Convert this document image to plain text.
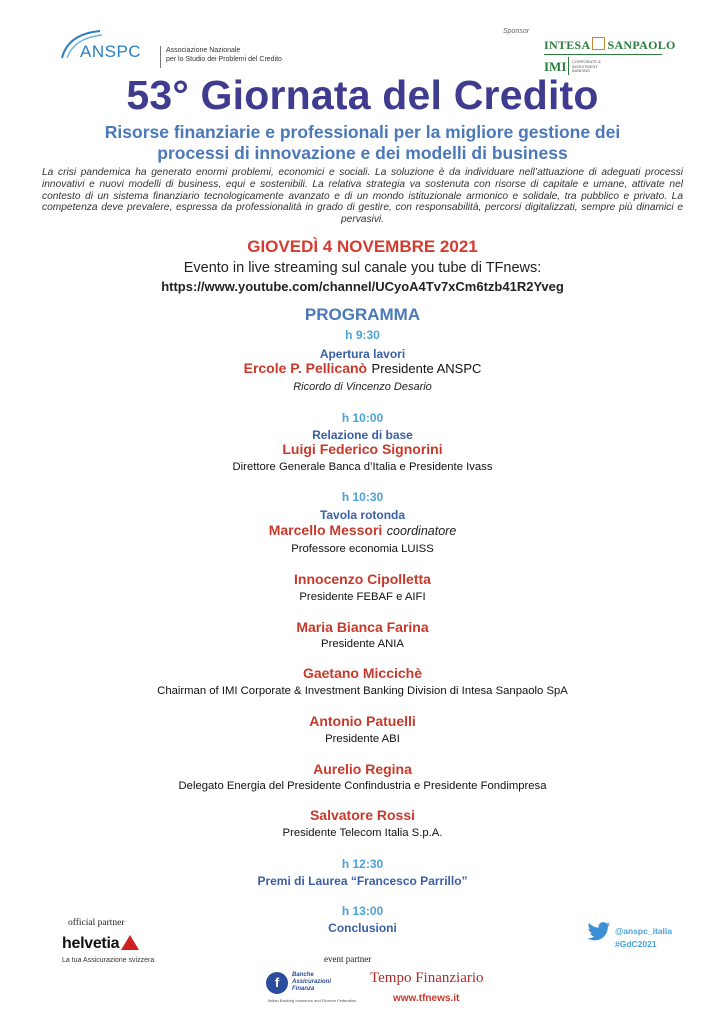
ANSPC	Associazione Nazionale
per lo Studio dei Problemi del Credito
Sponsor
INTESA SANPAOLO
IMI CORPORATE & INVESTMENT BANKING
53° Giornata del Credito
Risorse finanziarie e professionali per la migliore gestione dei
processi di innovazione e dei modelli di business
La crisi pandemica ha generato enormi problemi, economici e sociali. La soluzione è da individuare nell’attuazione di adeguati processi innovativi e nuovi modelli di business, equi e sostenibili. La relativa strategia va sostenuta con risorse di capitale e umane, attivate nel contesto di un sistema finanziario tecnologicamente avanzato e di un mondo istituzionale armonico e solidale, tra pubblico e privato. La competenza deve prevalere, espressa da professionalità in grado di gestire, con responsabilità, percorsi digitalizzati, sempre più dinamici e pervasivi.
GIOVEDÌ 4 NOVEMBRE 2021
Evento in live streaming sul canale you tube di TFnews:
https://www.youtube.com/channel/UCyoA4Tv7xCm6tzb41R2Yveg
PROGRAMMA
h 9:30
Apertura lavori
Ercole P. Pellicanò Presidente ANSPC
Ricordo di Vincenzo Desario
h 10:00
Relazione di base
Luigi Federico Signorini
Direttore Generale Banca d’Italia e Presidente Ivass
h 10:30
Tavola rotonda
Marcello Messori coordinatore
Professore economia LUISS
Innocenzo Cipolletta
Presidente FEBAF e AIFI
Maria Bianca Farina
Presidente ANIA
Gaetano Miccichè
Chairman of IMI Corporate & Investment Banking Division di Intesa Sanpaolo SpA
Antonio Patuelli
Presidente ABI
Aurelio Regina
Delegato Energia del Presidente Confindustria e Presidente Fondimpresa
Salvatore Rossi
Presidente Telecom Italia S.p.A.
h 12:30
Premi di Laurea “Francesco Parrillo”
h 13:00
Conclusioni
official partner
helvetia
La tua Assicurazione svizzera	event partner
f	Banche
Assicurazioni
Finanza
Italian Banking Insurance and Finance Federation
Tempo Finanziario
www.tfnews.it
@anspc_italia
#GdC2021
